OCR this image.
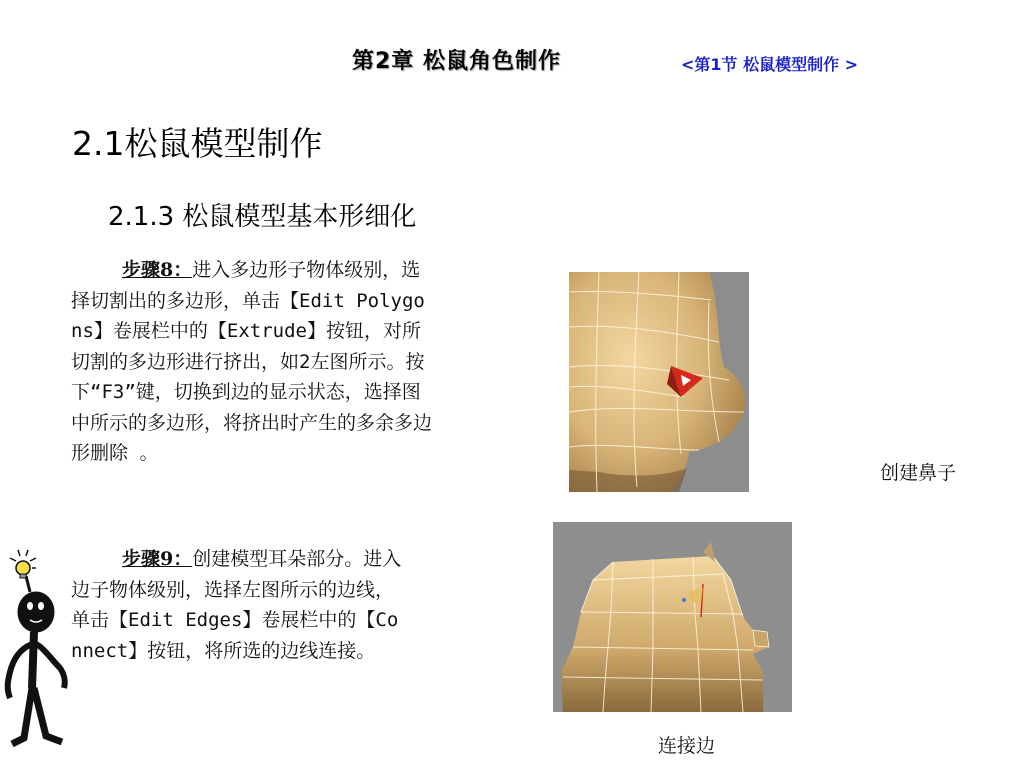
第2章 松鼠角色制作	<第1节 松鼠模型制作 >
2.1松鼠模型制作
2.1.3 松鼠模型基本形细化

步骤8：进入多边形子物体级别，选择切割出的多边形，单击【Edit Polygons】卷展栏中的【Extrude】按钮，对所切割的多边形进行挤出，如2左图所示。按下“F3”键，切换到边的显示状态，选择图中所示的多边形，将挤出时产生的多余多边形删除 。

步骤9：创建模型耳朵部分。进入边子物体级别，选择左图所示的边线，单击【Edit Edges】卷展栏中的【Connect】按钮，将所选的边线连接。

创建鼻子
连接边
